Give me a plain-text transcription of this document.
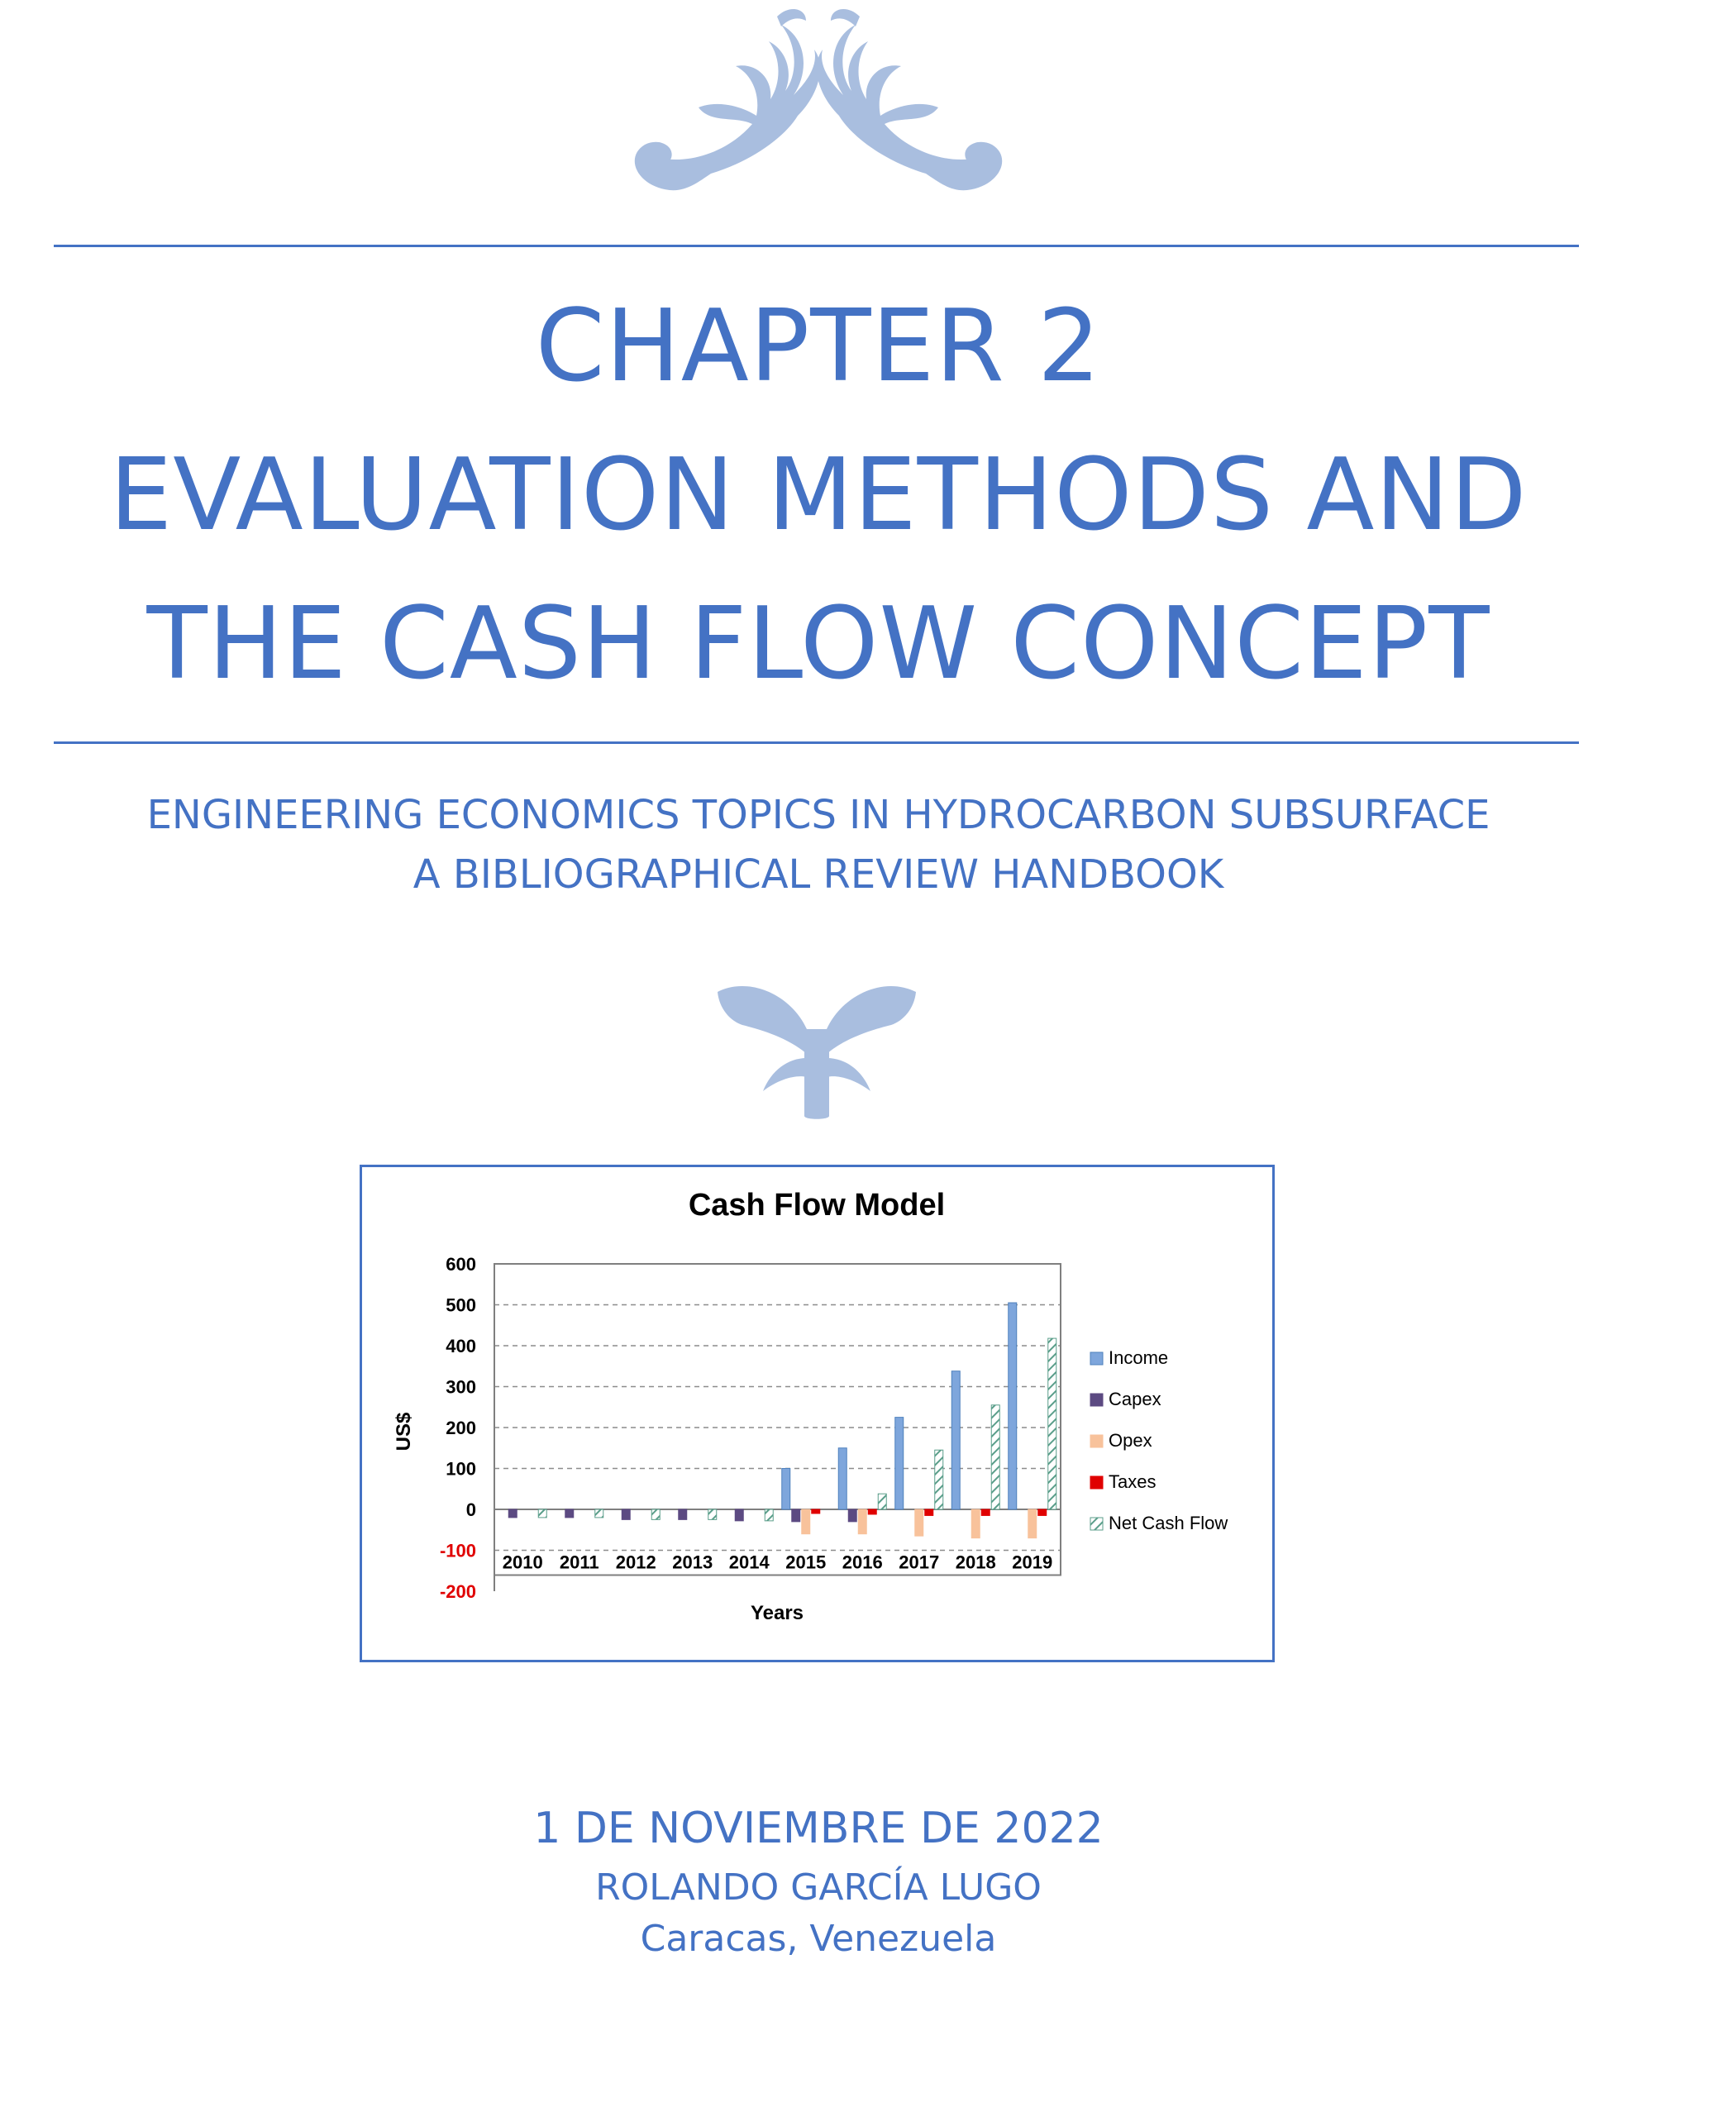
CHAPTER 2
EVALUATION METHODS AND
THE CASH FLOW CONCEPT
ENGINEERING ECONOMICS TOPICS IN HYDROCARBON SUBSURFACE
A BIBLIOGRAPHICAL REVIEW HANDBOOK
Cash Flow Model
US$
Years
600
500
400
300
200
100
0
-100
-200
2010 2011 2012 2013 2014 2015 2016 2017 2018 2019
Income
Capex
Opex
Taxes
Net Cash Flow
1 DE NOVIEMBRE DE 2022
ROLANDO GARCÍA LUGO
Caracas, Venezuela
